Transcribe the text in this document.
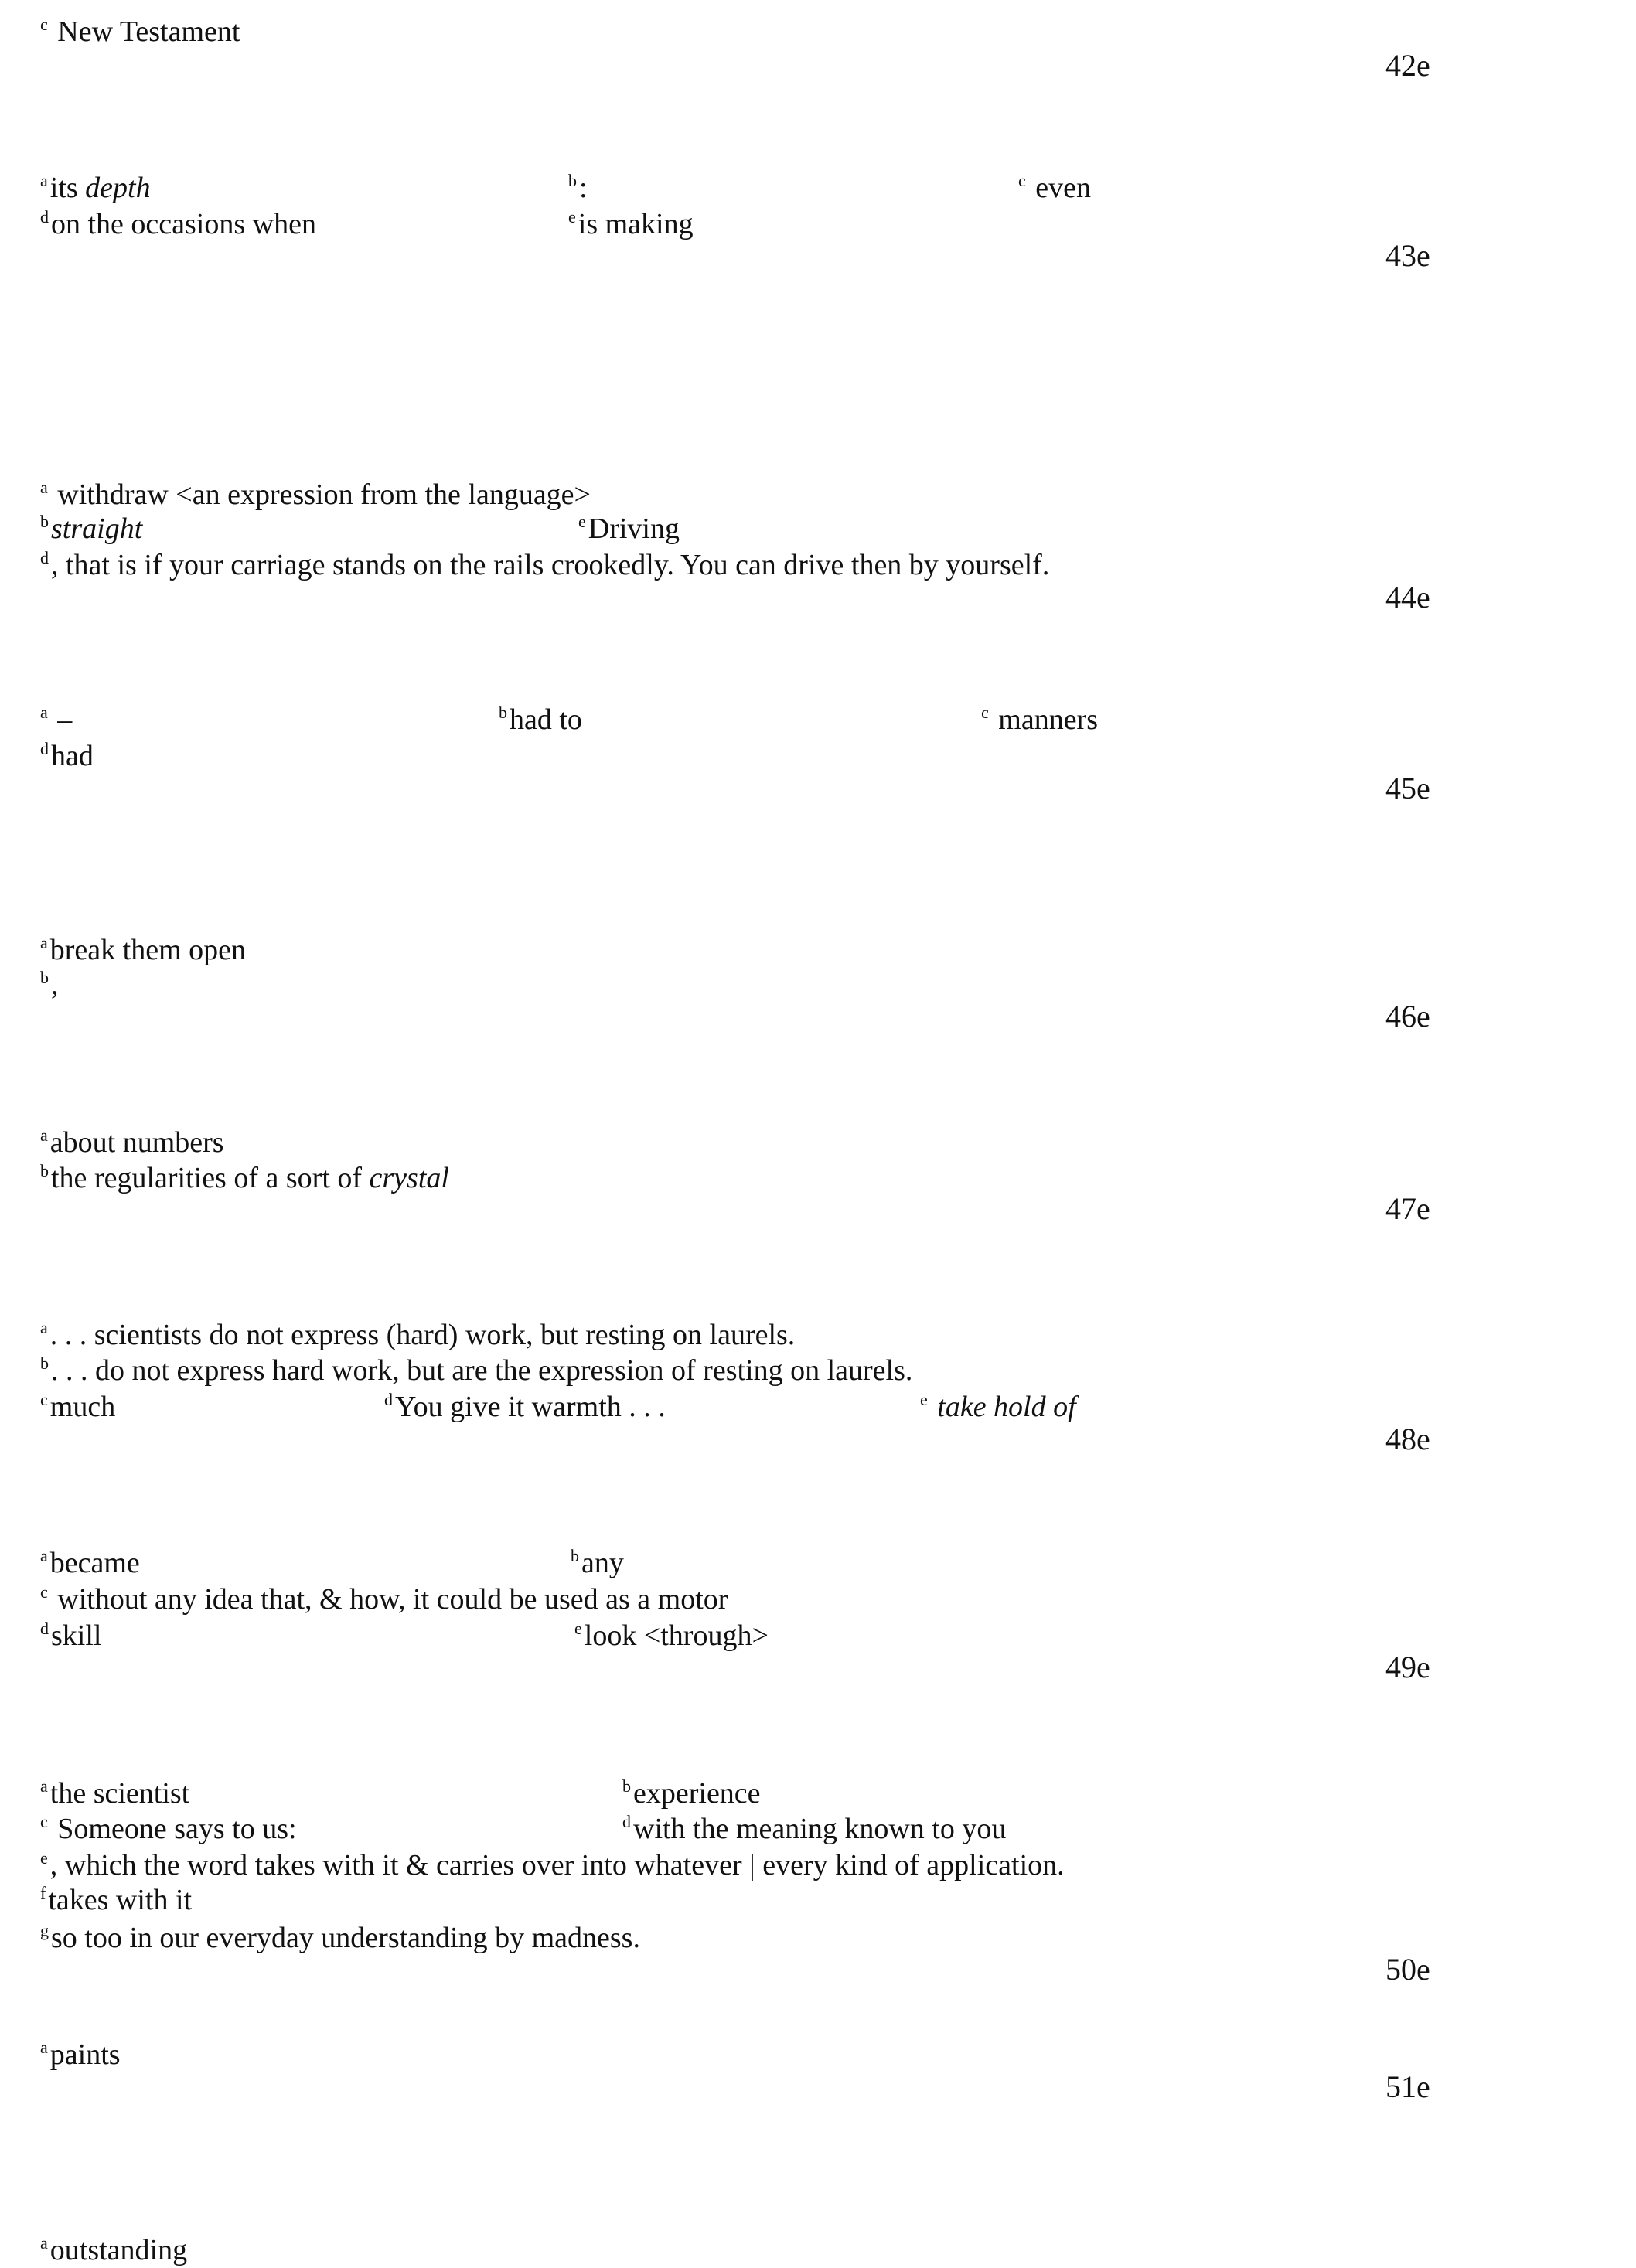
42e
43e
44e
45e
46e
47e
48e
49e
50e
51e
$^c$ New Testament
$^a$its depth	$^b$:	$^c$ even
$^d$on the occasions when	$^e$is making
$^a$ withdraw <an expression from the language>
$^b$straight	$^e$Driving
$^d$, that is if your carriage stands on the rails crookedly. You can drive then by yourself.
$^a$ –	$^b$had to	$^c$ manners
$^d$had
$^a$break them open
$^b$,
$^a$about numbers
$^b$the regularities of a sort of crystal
$^a$. . . scientists do not express (hard) work, but resting on laurels.
$^b$. . . do not express hard work, but are the expression of resting on laurels.
$^c$much	$^d$You give it warmth . . .	$^e$ take hold of
$^a$became	$^b$any
$^c$ without any idea that, & how, it could be used as a motor
$^d$skill	$^e$look <through>
$^a$the scientist	$^b$experience
$^c$ Someone says to us:	$^d$with the meaning known to you
$^e$, which the word takes with it & carries over into whatever | every kind of application.
$^f$takes with it
$^g$so too in our everyday understanding by madness.
$^a$paints
$^a$outstanding
